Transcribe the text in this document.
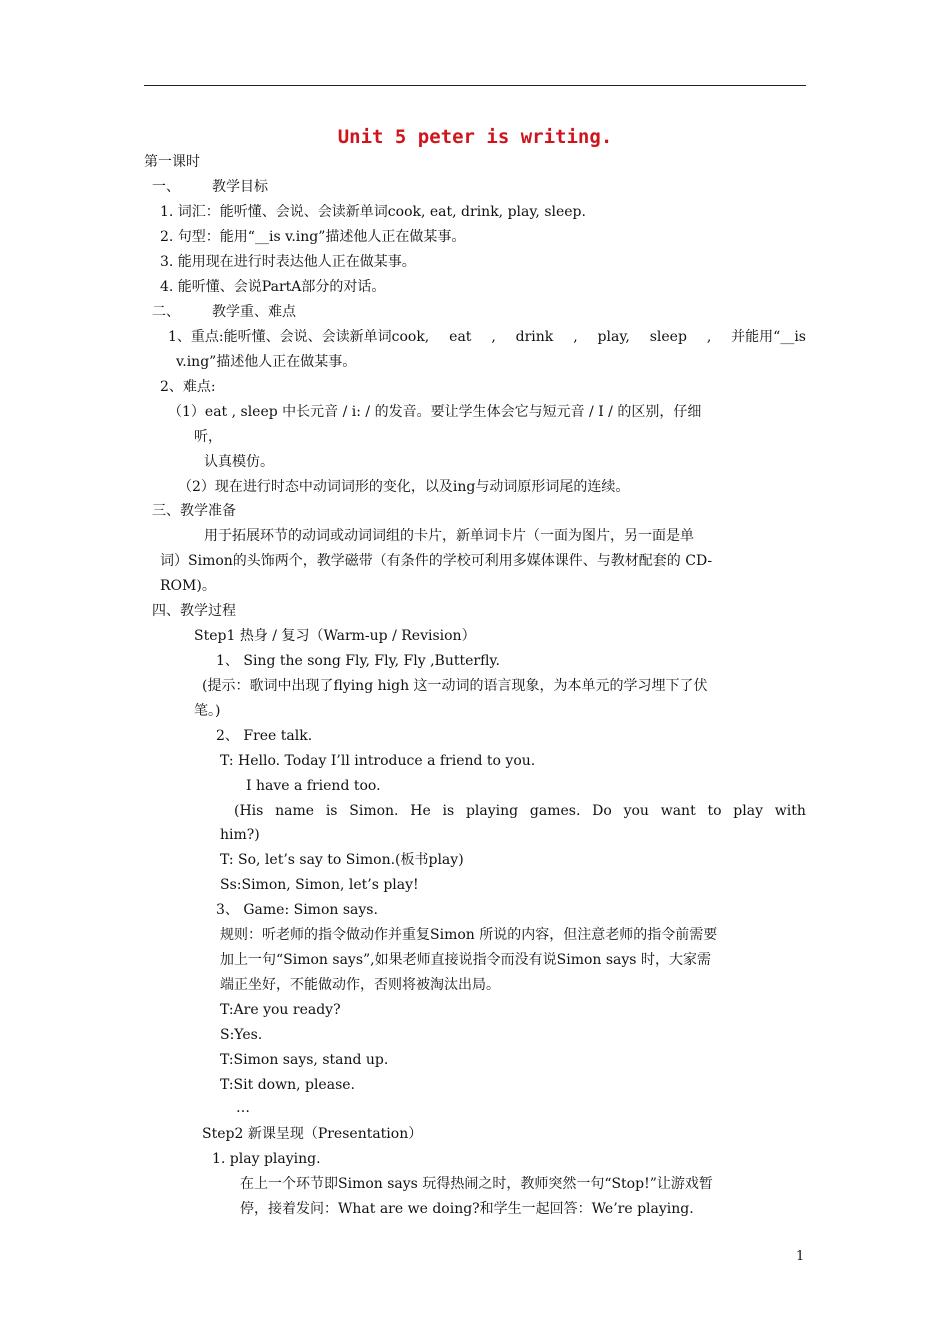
Unit 5 peter is writing.
第一课时
一、 教学目标
1. 词汇：能听懂、会说、会读新单词cook, eat, drink, play, sleep.
2. 句型：能用“__is v.ing”描述他人正在做某事。
3. 能用现在进行时表达他人正在做某事。
4. 能听懂、会说PartA部分的对话。
二、 教学重、难点
1、重点:能听懂、会说、会读新单词cook, eat , drink , play, sleep , 并能用“__is
v.ing”描述他人正在做某事。
2、难点:
（1）eat , sleep 中长元音 / i: / 的发音。要让学生体会它与短元音 / I / 的区别，仔细
听，
认真模仿。
（2）现在进行时态中动词词形的变化，以及ing与动词原形词尾的连续。
三、教学准备
用于拓展环节的动词或动词词组的卡片，新单词卡片（一面为图片，另一面是单
词）Simon的头饰两个，教学磁带（有条件的学校可利用多媒体课件、与教材配套的 CD-
ROM)。
四、教学过程
Step1 热身 / 复习（Warm-up / Revision）
1、 Sing the song Fly, Fly, Fly ,Butterfly.
(提示：歌词中出现了flying high 这一动词的语言现象，为本单元的学习埋下了伏
笔。)
2、 Free talk.
T: Hello. Today I’ll introduce a friend to you.
I have a friend too.
(His name is Simon. He is playing games. Do you want to play with
him?)
T: So, let’s say to Simon.(板书play)
Ss:Simon, Simon, let’s play!
3、 Game: Simon says.
规则：听老师的指令做动作并重复Simon 所说的内容，但注意老师的指令前需要
加上一句“Simon says”,如果老师直接说指令而没有说Simon says 时，大家需
端正坐好，不能做动作，否则将被淘汰出局。
T:Are you ready?
S:Yes.
T:Simon says, stand up.
T:Sit down, please.
…
Step2 新课呈现（Presentation）
1. play playing.
在上一个环节即Simon says 玩得热闹之时，教师突然一句“Stop!”让游戏暂
停，接着发问：What are we doing?和学生一起回答：We’re playing.
1
